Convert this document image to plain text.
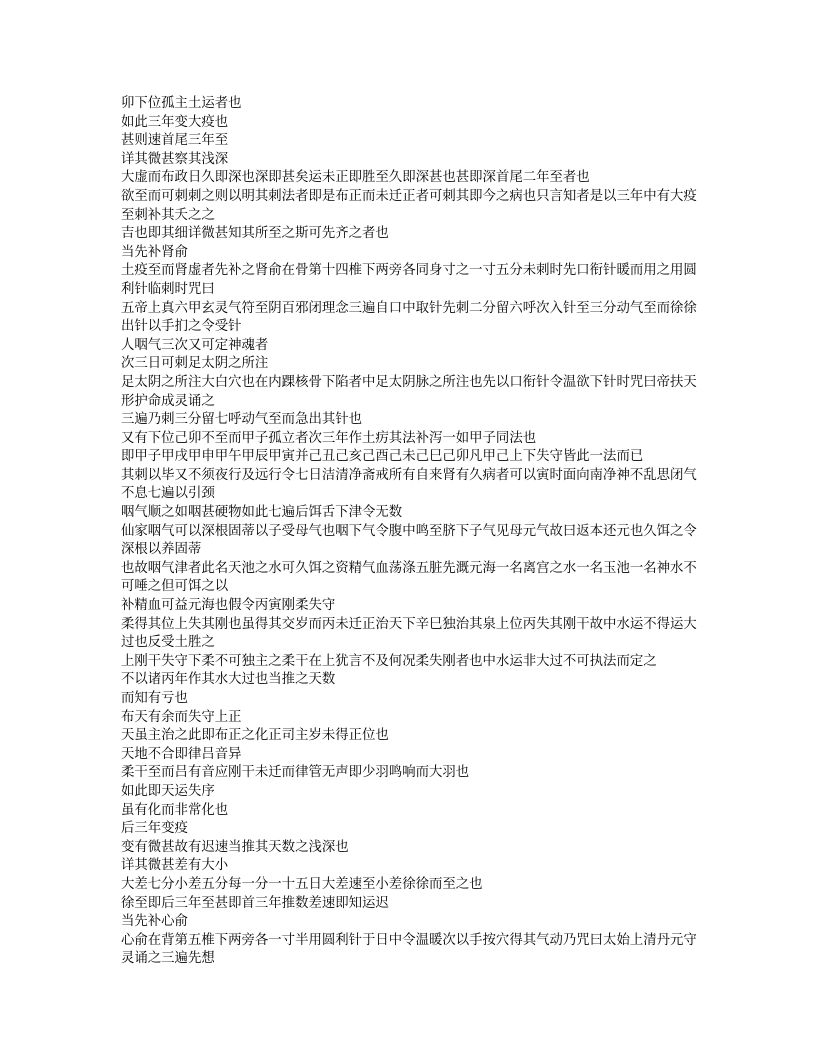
卯下位孤主土运者也

如此三年变大疫也

甚则速首尾三年至

详其微甚察其浅深

大虚而布政日久即深也深即甚矣运未正即胜至久即深甚也甚即深首尾二年至者也

欲至而可刺刺之则以明其刺法者即是布正而未迁正者可刺其即今之病也只言知者是以三年中有大疫至刺补其夭之之

吉也即其细详微甚知其所至之斯可先齐之者也

当先补肾俞

土疫至而肾虚者先补之肾俞在骨第十四椎下两旁各同身寸之一寸五分未刺时先口衔针暖而用之用圆利针临刺时咒曰

五帝上真六甲玄灵气符至阴百邪闭理念三遍自口中取针先刺二分留六呼次入针至三分动气至而徐徐出针以手扪之令受针

人咽气三次又可定神魂者

次三日可刺足太阴之所注

足太阴之所注大白穴也在内踝核骨下陷者中足太阴脉之所注也先以口衔针令温欲下针时咒曰帝扶天形护命成灵诵之

三遍乃刺三分留七呼动气至而急出其针也

又有下位己卯不至而甲子孤立者次三年作土疠其法补泻一如甲子同法也

即甲子甲戌甲申甲午甲辰甲寅并己丑己亥己酉己未己巳己卯凡甲己上下失守皆此一法而已

其刺以毕又不须夜行及远行令七日洁清净斋戒所有自来肾有久病者可以寅时面向南净神不乱思闭气不息七遍以引颈

咽气顺之如咽甚硬物如此七遍后饵舌下津令无数

仙家咽气可以深根固蒂以子受母气也咽下气令腹中鸣至脐下子气见母元气故曰返本还元也久饵之令深根以养固蒂

也故咽气津者此名天池之水可久饵之资精气血荡涤五脏先溉元海一名离宫之水一名玉池一名神水不可唾之但可饵之以

补精血可益元海也假令丙寅刚柔失守

柔得其位上失其刚也虽得其交岁而丙未迁正治天下辛巳独治其泉上位丙失其刚干故中水运不得运大过也反受土胜之

上刚干失守下柔不可独主之柔干在上犹言不及何况柔失刚者也中水运非大过不可执法而定之

不以诸丙年作其水大过也当推之天数

而知有亏也

布天有余而失守上正

天虽主治之此即布正之化正司主岁未得正位也

天地不合即律吕音异

柔干至而吕有音应刚干未迁而律管无声即少羽鸣响而大羽也

如此即天运失序

虽有化而非常化也

后三年变疫

变有微甚故有迟速当推其天数之浅深也

详其微甚差有大小

大差七分小差五分每一分一十五日大差速至小差徐徐而至之也

徐至即后三年至甚即首三年推数差速即知运迟

当先补心俞

心俞在背第五椎下两旁各一寸半用圆利针于日中令温暖次以手按穴得其气动乃咒曰太始上清丹元守灵诵之三遍先想
